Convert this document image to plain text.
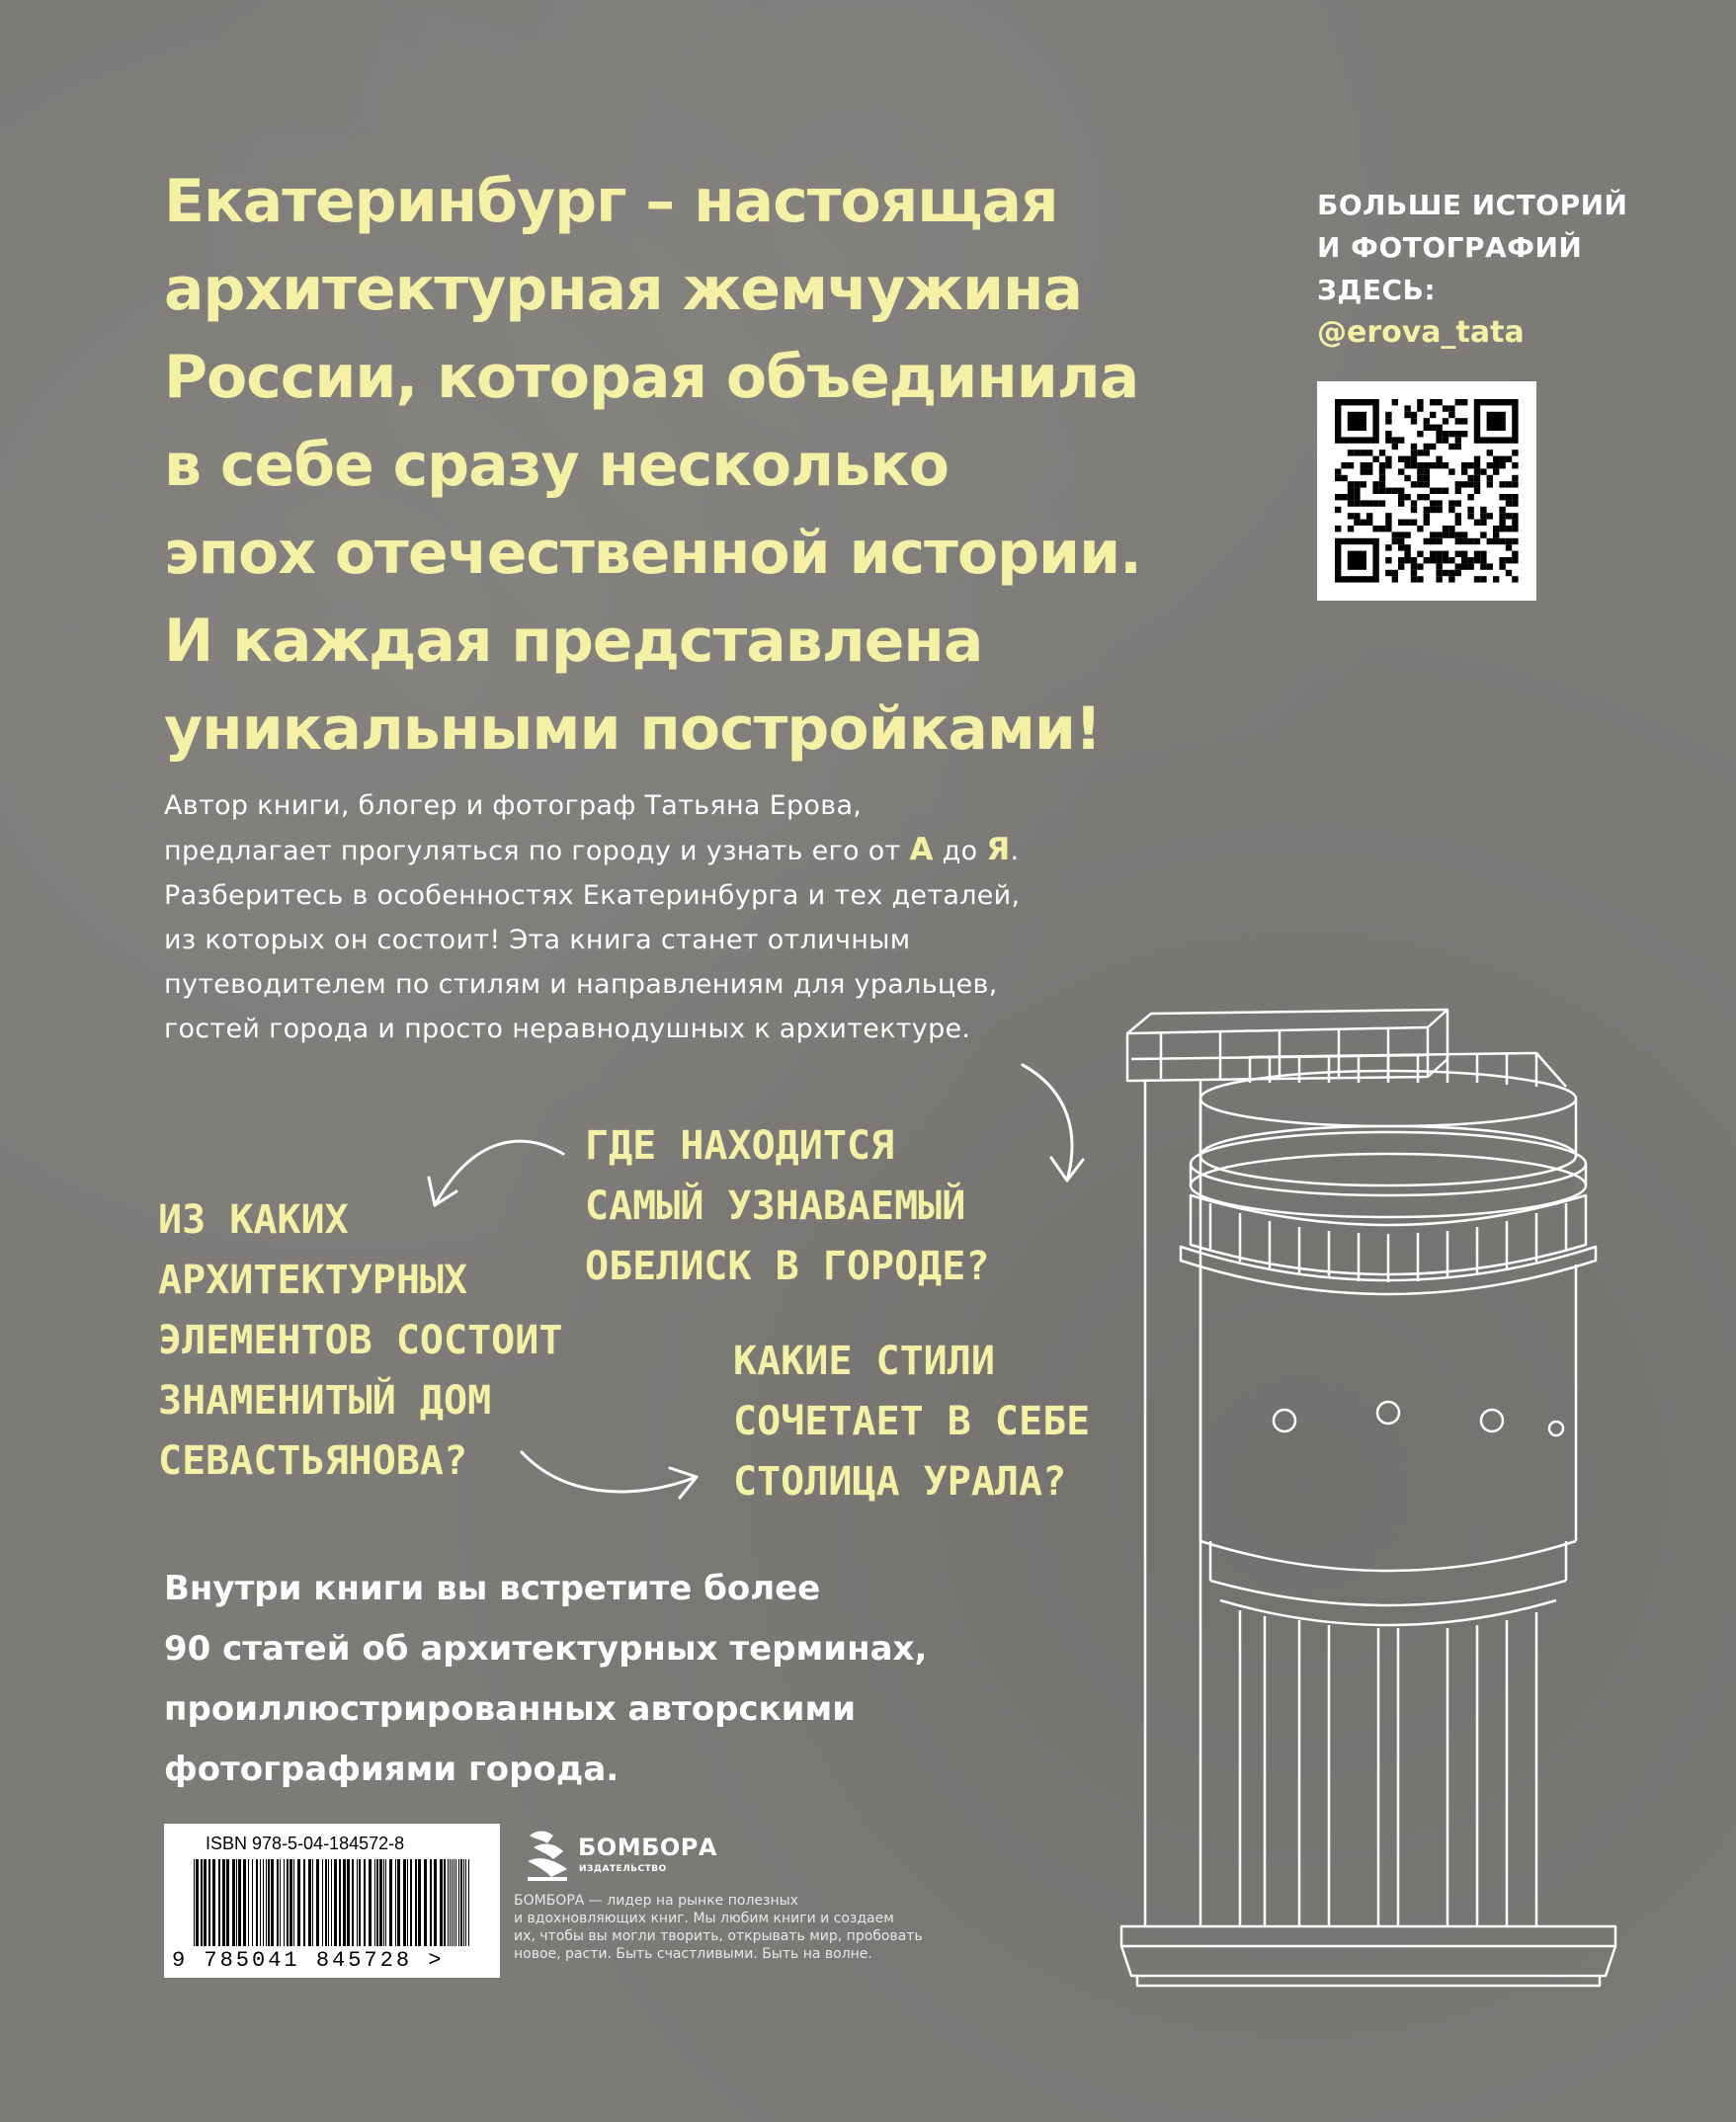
Екатеринбург – настоящая
архитектурная жемчужина
России, которая объединила
в себе сразу несколько
эпох отечественной истории.
И каждая представлена
уникальными постройками!
БОЛЬШЕ ИСТОРИЙ
И ФОТОГРАФИЙ
ЗДЕСЬ:
@erova_tata
Автор книги, блогер и фотограф Татьяна Ерова,
предлагает прогуляться по городу и узнать его от А до Я.
Разберитесь в особенностях Екатеринбурга и тех деталей,
из которых он состоит! Эта книга станет отличным
путеводителем по стилям и направлениям для уральцев,
гостей города и просто неравнодушных к архитектуре.
ГДЕ НАХОДИТСЯ
САМЫЙ УЗНАВАЕМЫЙ
ОБЕЛИСК В ГОРОДЕ?
ИЗ КАКИХ
АРХИТЕКТУРНЫХ
ЭЛЕМЕНТОВ СОСТОИТ
ЗНАМЕНИТЫЙ ДОМ
СЕВАСТЬЯНОВА?
КАКИЕ СТИЛИ
СОЧЕТАЕТ В СЕБЕ
СТОЛИЦА УРАЛА?
Внутри книги вы встретите более
90 статей об архитектурных терминах,
проиллюстрированных авторскими
фотографиями города.
ISBN 978-5-04-184572-8
9 785041 845728 >
БОМБОРА
ИЗДАТЕЛЬСТВО
БОМБОРА — лидер на рынке полезных
и вдохновляющих книг. Мы любим книги и создаем
их, чтобы вы могли творить, открывать мир, пробовать
новое, расти. Быть счастливыми. Быть на волне.
